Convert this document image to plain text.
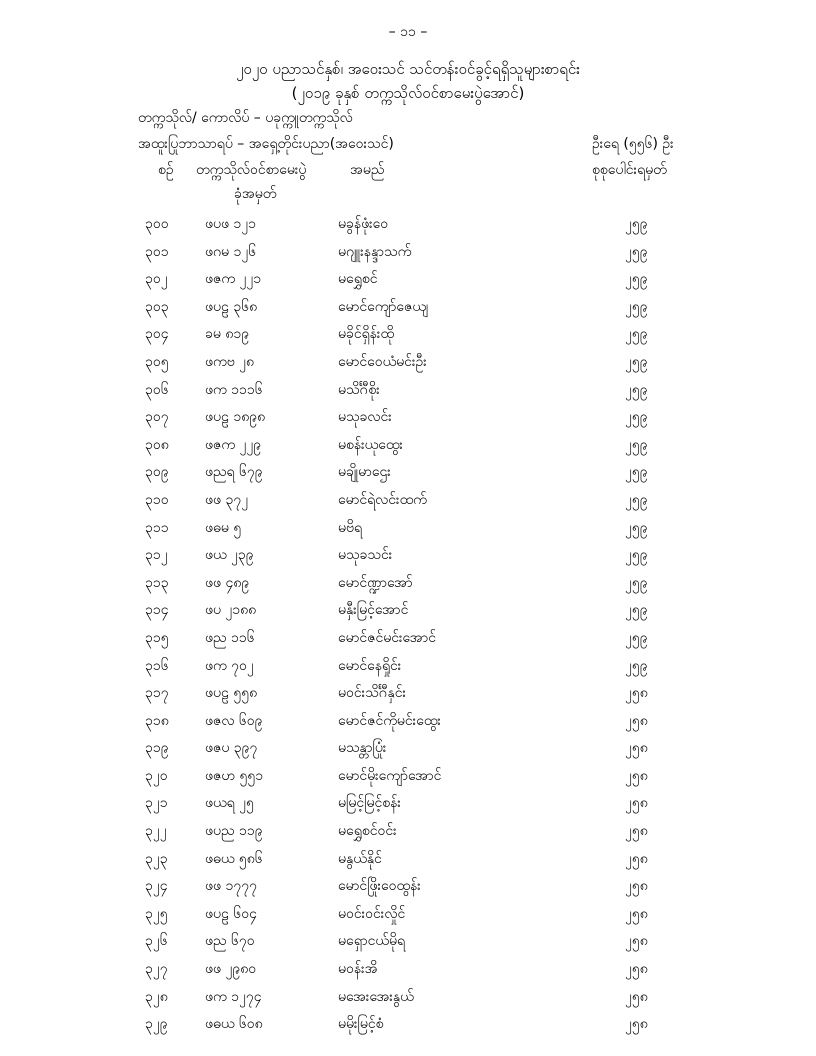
– ၁၁ –
၂၀၂၀ ပညာသင်နှစ်၊ အဝေးသင် သင်တန်းဝင်ခွင့်ရရှိသူများစာရင်း
(၂၀၁၉ ခုနှစ် တက္ကသိုလ်ဝင်စာမေးပွဲအောင်)
တက္ကသိုလ်/ ကောလိပ် – ပခုက္ကူတက္ကသိုလ်
အထူးပြုဘာသာရပ် – အရှေ့တိုင်းပညာ(အဝေးသင်)	ဦးရေ (၅၅၆) ဦး
စဉ် တက္ကသိုလ်ဝင်စာမေးပွဲ
ခုံအမှတ်
အမည်	စုစုပေါင်းရမှတ်
၃၀၀	ဖပဖ ၁၂၁	မခွန်ဖုံးဝေ	၂၅၉
၃၀၁	ဖဂမ ၁၂၆	မဂျူးနန္ဒာသက်	၂၅၉
၃၀၂	ဖဇက ၂၂၁	မရွှေစင်	၂၅၉
၃၀၃	ဖပဠ ၃၆၈	မောင်ကျော်ဇေယျ	၂၅၉
၃၀၄	ခမ ၈၁၉	မခိုင်ရှိန်းထို	၂၅၉
၃၀၅	ဖကဗ ၂၈	မောင်ဝေယံမင်းဦး	၂၅၉
၃၀၆	ဖက ၁၁၁၆	မသိင်္ဂီစိုး	၂၅၉
၃၀၇	ဖပဠ ၁၈၉၈	မသုခလင်း	၂၅၉
၃၀၈	ဖဇက ၂၂၉	မစန်းယုထွေး	၂၅၉
၃၀၉	ဖညရ ၆၇၉	မချိုမာဌေး	၂၅၉
၃၁၀	ဖဖ ၃၇၂	မောင်ရဲလင်းထက်	၂၅၉
၃၁၁	ဖဓမ ၅	မဗိရ	၂၅၉
၃၁၂	ဖယ ၂၃၉	မသုခသင်း	၂၅၉
၃၁၃	ဖဖ ၄၈၉	မောင်ဏ္ဍာအော်	၂၅၉
၃၁၄	ဖပ ၂၁၈၈	မနှီးမြင့်အောင်	၂၅၉
၃၁၅	ဖည ၁၁၆	မောင်ဇင်မင်းအောင်	၂၅၉
၃၁၆	ဖက ၇၀၂	မောင်နေရှိုင်း	၂၅၉
၃၁၇	ဖပဠ ၅၅၈	မဝင်းသိင်္ဂီနှင်း	၂၅၈
၃၁၈	ဖဇလ ၆၀၉	မောင်ဇင်ကိုမင်းထွေး	၂၅၈
၃၁၉	ဖဇပ ၃၉၇	မသန္တာပြုံး	၂၅၈
၃၂၀	ဖဇဟ ၅၅၁	မောင်မိုးကျော်အောင်	၂၅၈
၃၂၁	ဖယရ ၂၅	မမြင့်မြင့်စန်း	၂၅၈
၃၂၂	ဖပည ၁၁၉	မရွှေစင်ဝင်း	၂၅၈
၃၂၃	ဖဓယ ၅၈၆	မနွယ်နိုင်	၂၅၈
၃၂၄	ဖဖ ၁၇၇၇	မောင်ဖြိုးဝေထွန်း	၂၅၈
၃၂၅	ဖပဠ ၆၀၄	မဝင်းဝင်းလှိုင်	၂၅၈
၃၂၆	ဖည ၆၇၀	မရှောငယ်မိုရ	၂၅၈
၃၂၇	ဖဖ ၂၉၈၀	မဝန်းအိ	၂၅၈
၃၂၈	ဖက ၁၂၇၄	မအေးအေးနွယ်	၂၅၈
၃၂၉	ဖဓယ ၆၀၈	မမိုးမြင့်စံ	၂၅၈
